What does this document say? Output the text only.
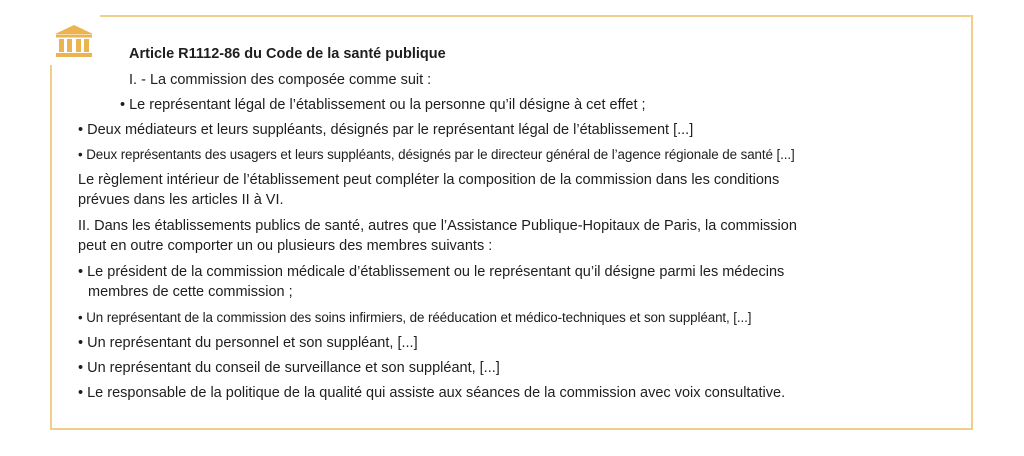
Article R1112-86 du Code de la santé publique
I. - La commission des composée comme suit :
• Le représentant légal de l’établissement ou la personne qu’il désigne à cet effet ;
• Deux médiateurs et leurs suppléants, désignés par le représentant légal de l’établissement [...]
• Deux représentants des usagers et leurs suppléants, désignés par le directeur général de l’agence régionale de santé [...]
Le règlement intérieur de l’établissement peut compléter la composition de la commission dans les conditions
prévues dans les articles II à VI.
II. Dans les établissements publics de santé, autres que l’Assistance Publique-Hopitaux de Paris, la commission
peut en outre comporter un ou plusieurs des membres suivants :
• Le président de la commission médicale d’établissement ou le représentant qu’il désigne parmi les médecins
membres de cette commission ;
• Un représentant de la commission des soins infirmiers, de rééducation et médico-techniques et son suppléant, [...]
• Un représentant du personnel et son suppléant, [...]
• Un représentant du conseil de surveillance et son suppléant, [...]
• Le responsable de la politique de la qualité qui assiste aux séances de la commission avec voix consultative.
